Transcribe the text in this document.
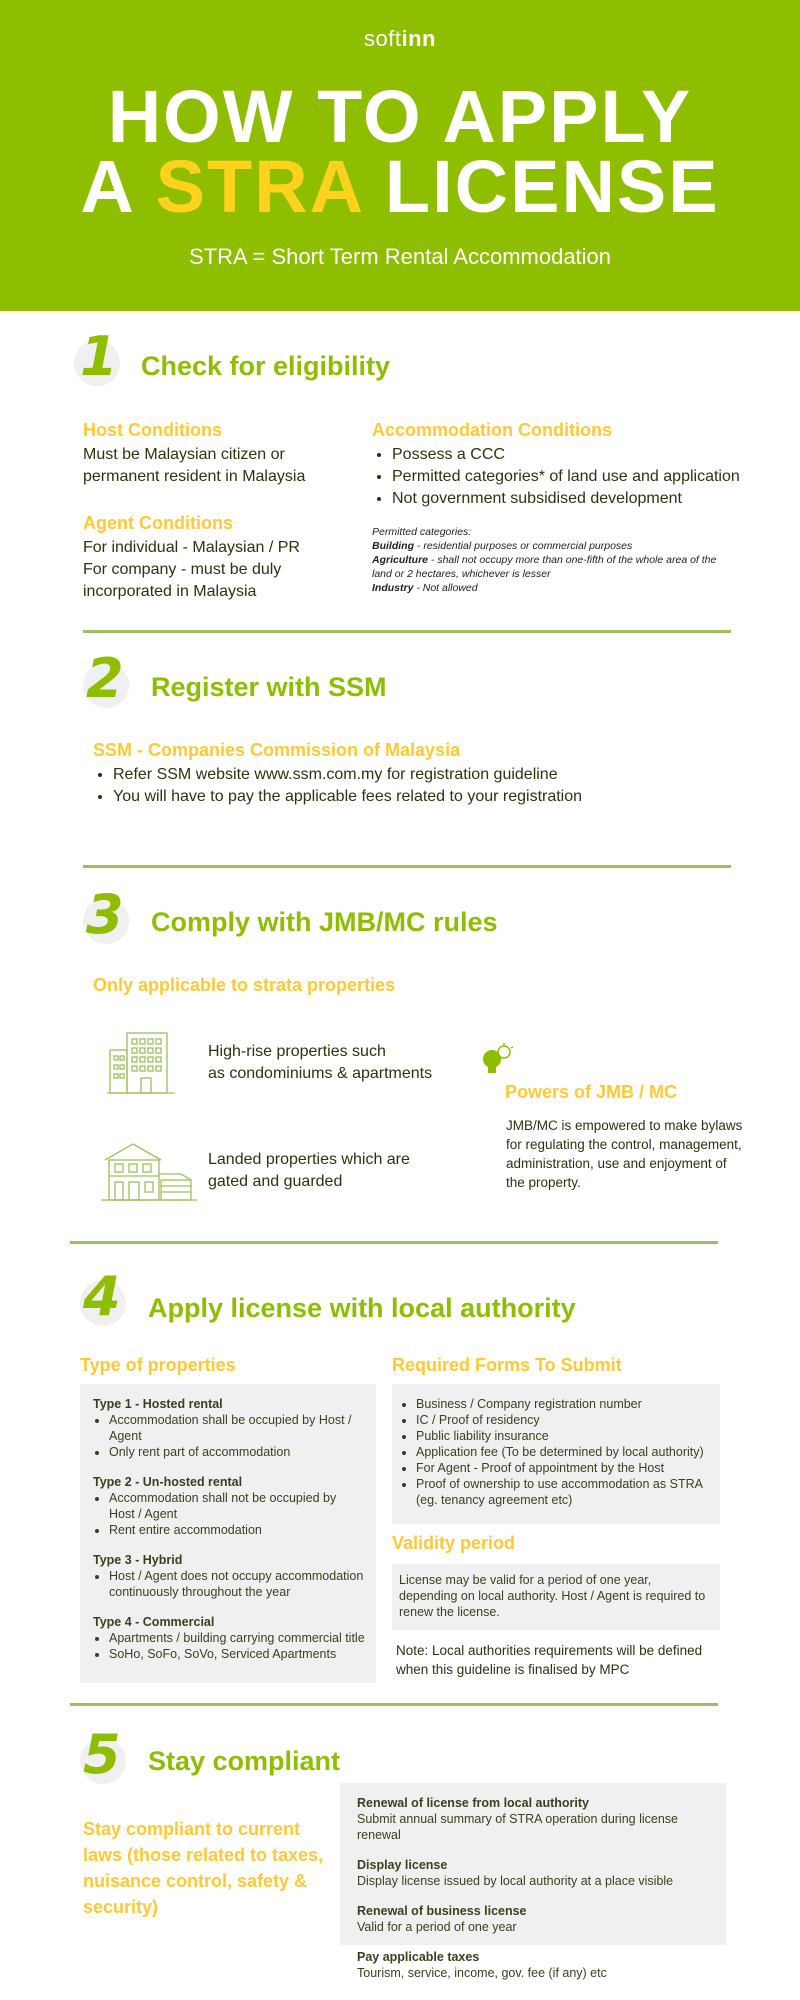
softinn
HOW TO APPLY
A STRA LICENSE
STRA = Short Term Rental Accommodation
1 Check for eligibility
Host Conditions
Must be Malaysian citizen or permanent resident in Malaysia
Agent Conditions
For individual - Malaysian / PR
For company - must be duly incorporated in Malaysia
Accommodation Conditions
• Possess a CCC
• Permitted categories* of land use and application
• Not government subsidised development
Permitted categories:
Building - residential purposes or commercial purposes
Agriculture - shall not occupy more than one-fifth of the whole area of the land or 2 hectares, whichever is lesser
Industry - Not allowed
2 Register with SSM
SSM - Companies Commission of Malaysia
• Refer SSM website www.ssm.com.my for registration guideline
• You will have to pay the applicable fees related to your registration
3 Comply with JMB/MC rules
Only applicable to strata properties
High-rise properties such
as condominiums & apartments
Landed properties which are
gated and guarded
Powers of JMB / MC
JMB/MC is empowered to make bylaws for regulating the control, management, administration, use and enjoyment of the property.
4 Apply license with local authority
Type of properties
Type 1 - Hosted rental
• Accommodation shall be occupied by Host / Agent
• Only rent part of accommodation
Type 2 - Un-hosted rental
• Accommodation shall not be occupied by Host / Agent
• Rent entire accommodation
Type 3 - Hybrid
• Host / Agent does not occupy accommodation continuously throughout the year
Type 4 - Commercial
• Apartments / building carrying commercial title
• SoHo, SoFo, SoVo, Serviced Apartments
Required Forms To Submit
• Business / Company registration number
• IC / Proof of residency
• Public liability insurance
• Application fee (To be determined by local authority)
• For Agent - Proof of appointment by the Host
• Proof of ownership to use accommodation as STRA (eg. tenancy agreement etc)
Validity period
License may be valid for a period of one year, depending on local authority. Host / Agent is required to renew the license.
Note: Local authorities requirements will be defined when this guideline is finalised by MPC
5 Stay compliant
Stay compliant to current laws (those related to taxes, nuisance control, safety & security)
Renewal of license from local authority
Submit annual summary of STRA operation during license renewal
Display license
Display license issued by local authority at a place visible
Renewal of business license
Valid for a period of one year
Pay applicable taxes
Tourism, service, income, gov. fee (if any) etc
